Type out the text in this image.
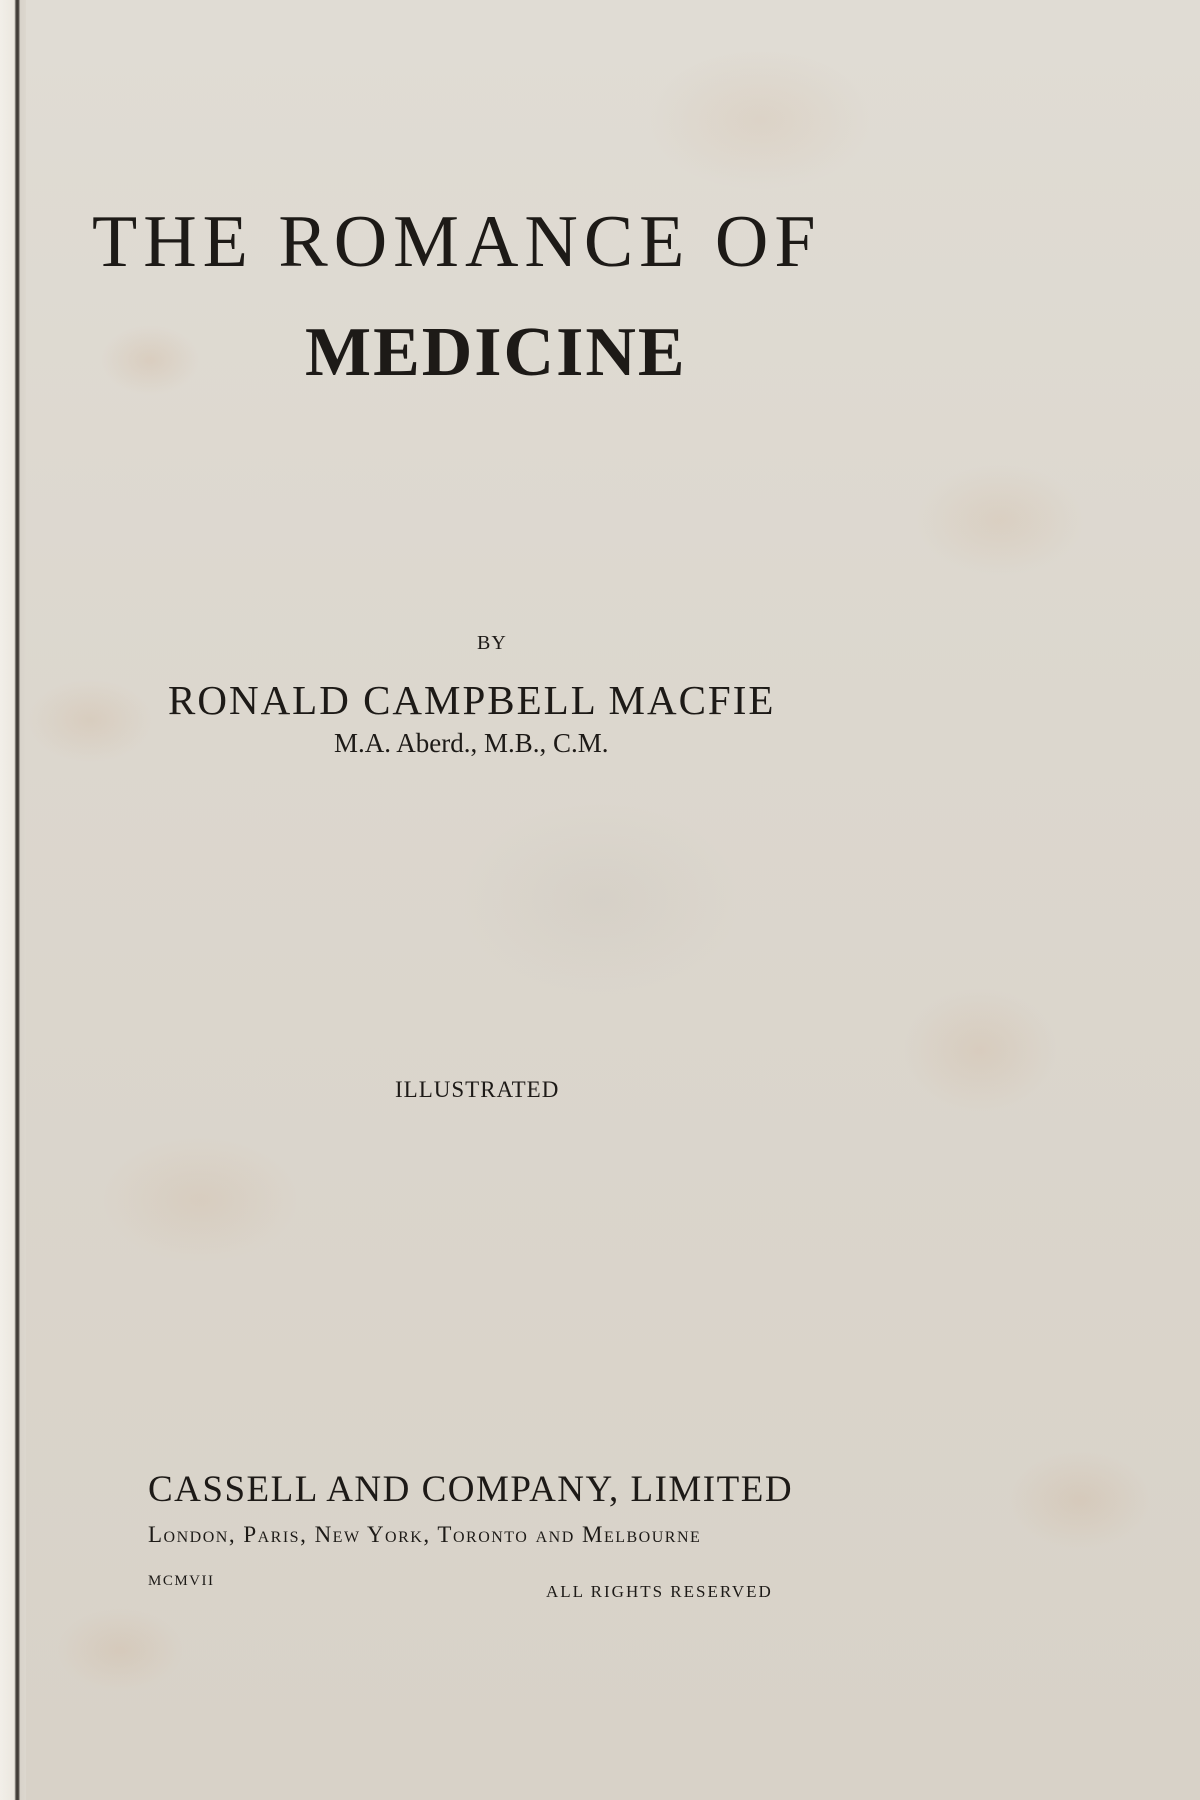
THE ROMANCE OF
MEDICINE
BY
RONALD CAMPBELL MACFIE
M.A. Aberd., M.B., C.M.
ILLUSTRATED
CASSELL AND COMPANY, LIMITED
London, Paris, New York, Toronto and Melbourne
MCMVII
ALL RIGHTS RESERVED
